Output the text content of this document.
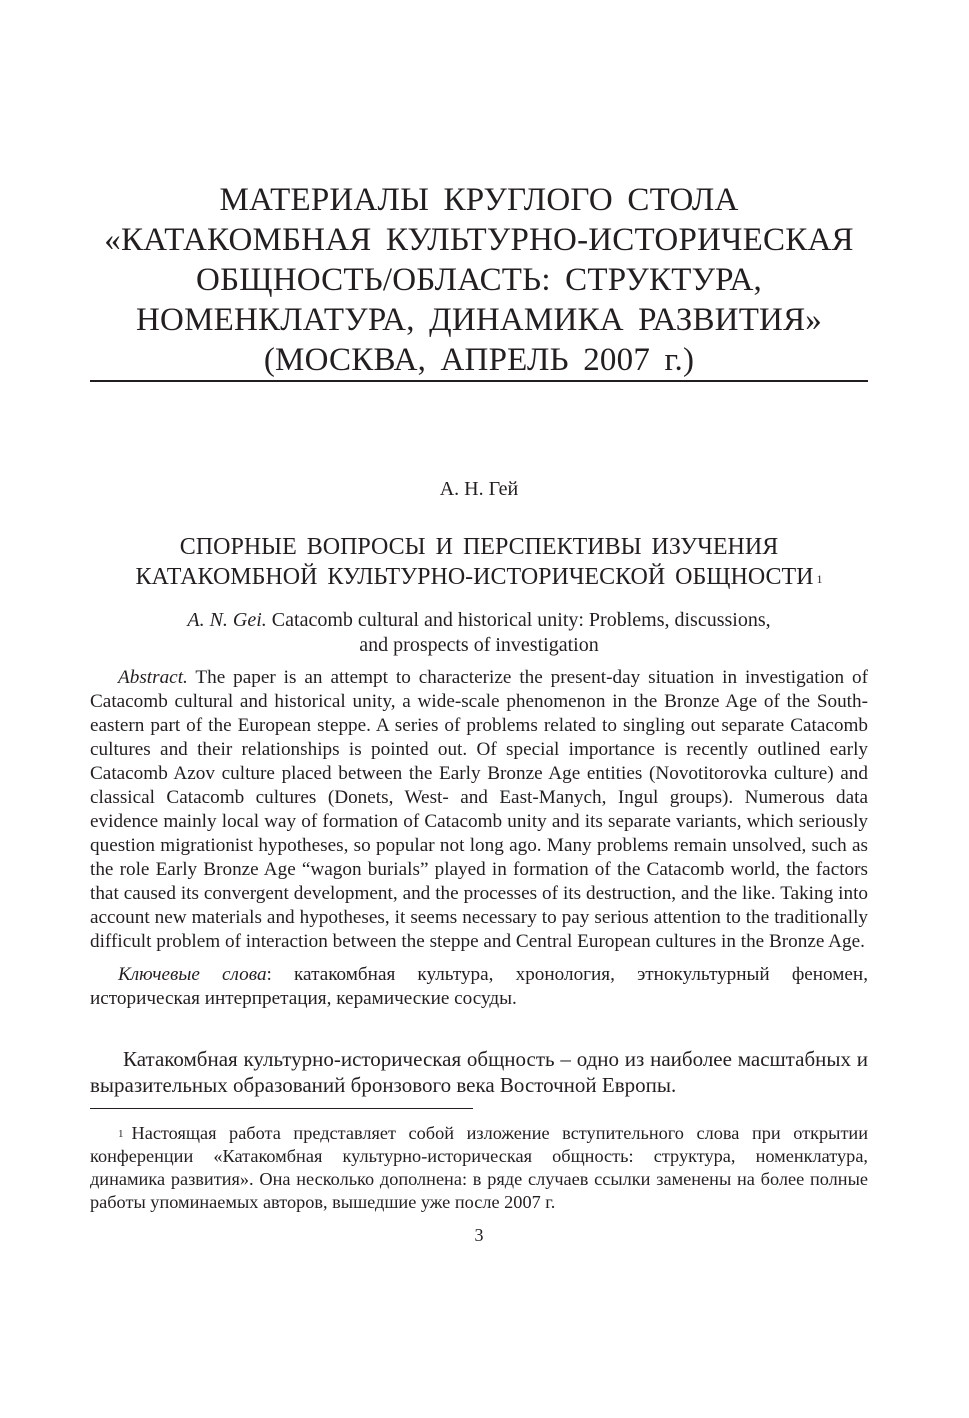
МАТЕРИАЛЫ КРУГЛОГО СТОЛА
«КАТАКОМБНАЯ КУЛЬТУРНО-ИСТОРИЧЕСКАЯ
ОБЩНОСТЬ/ОБЛАСТЬ: СТРУКТУРА,
НОМЕНКЛАТУРА, ДИНАМИКА РАЗВИТИЯ»
(МОСКВА, АПРЕЛЬ 2007 г.)
А. Н. Гей
СПОРНЫЕ ВОПРОСЫ И ПЕРСПЕКТИВЫ ИЗУЧЕНИЯ
КАТАКОМБНОЙ КУЛЬТУРНО-ИСТОРИЧЕСКОЙ ОБЩНОСТИ $^1$
A. N. Gei. Catacomb cultural and historical unity: Problems, discussions,
and prospects of investigation
Abstract. The paper is an attempt to characterize the present-day situation in investigation of Catacomb cultural and historical unity, a wide-scale phenomenon in the Bronze Age of the South-eastern part of the European steppe. A series of problems related to singling out separate Catacomb cultures and their relationships is pointed out. Of special importance is recently outlined early Catacomb Azov culture placed between the Early Bronze Age entities (Novotitorovka culture) and classical Catacomb cultures (Donets, West- and East-Manych, Ingul groups). Numerous data evidence mainly local way of formation of Catacomb unity and its separate variants, which seriously question migrationist hypotheses, so popular not long ago. Many problems remain unsolved, such as the role Early Bronze Age “wagon burials” played in formation of the Catacomb world, the factors that caused its convergent development, and the processes of its destruction, and the like. Taking into account new materials and hypotheses, it seems necessary to pay serious attention to the traditionally difficult problem of interaction between the steppe and Central European cultures in the Bronze Age.
Ключевые слова: катакомбная культура, хронология, этнокультурный феномен, историческая интерпретация, керамические сосуды.
Катакомбная культурно-историческая общность – одно из наиболее масштабных и выразительных образований бронзового века Восточной Европы.
$^1$ Настоящая работа представляет собой изложение вступительного слова при открытии конференции «Катакомбная культурно-историческая общность: структура, номенклатура, динамика развития». Она несколько дополнена: в ряде случаев ссылки заменены на более полные работы упоминаемых авторов, вышедшие уже после 2007 г.
3
